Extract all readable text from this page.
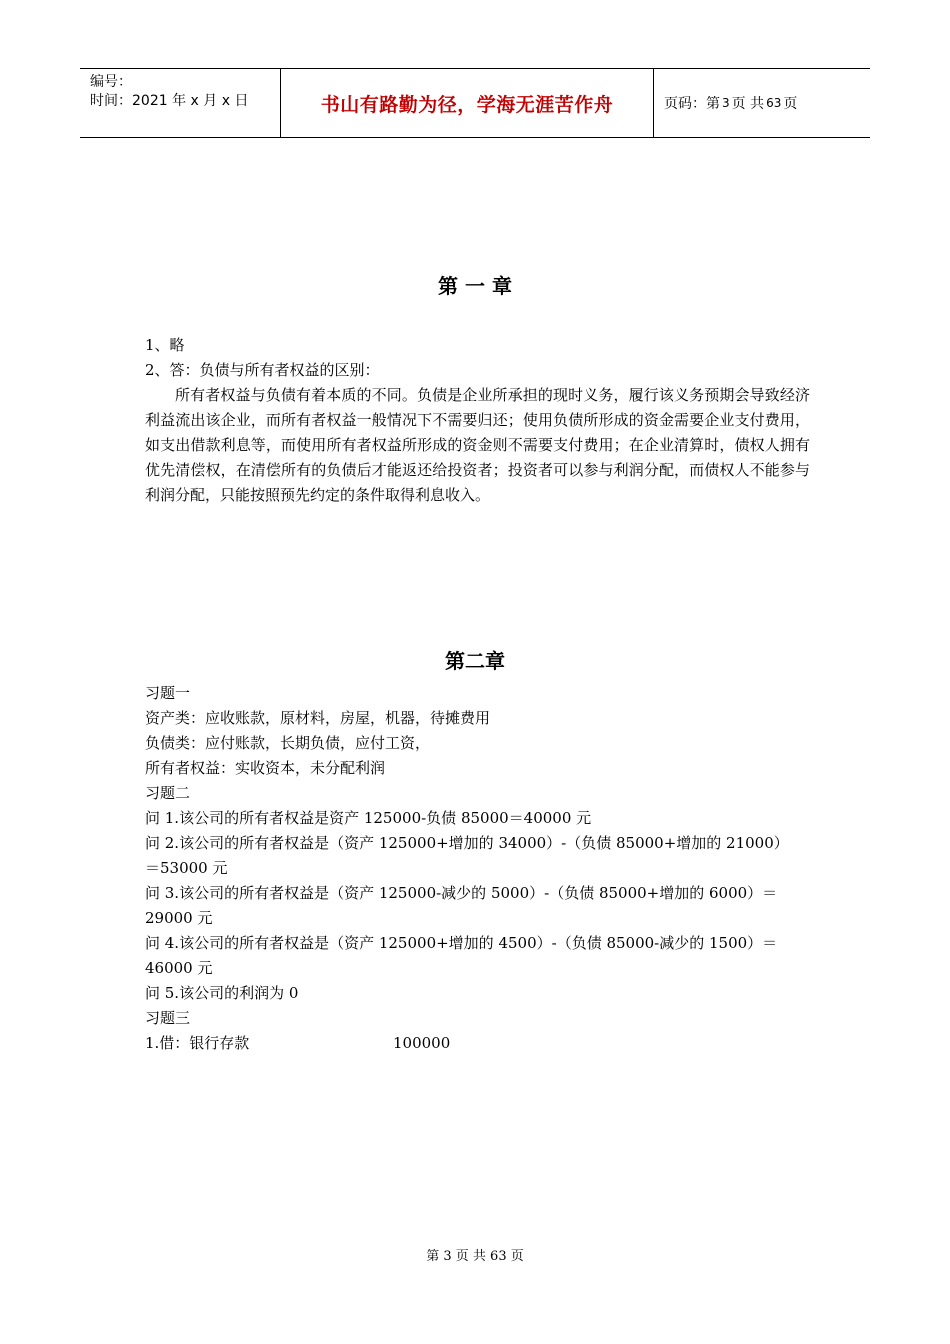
编号：
时间：2021 年 x 月 x 日	书山有路勤为径，学海无涯苦作舟	页码：第 3 页 共 63 页
第 一 章
1、略
2、答：负债与所有者权益的区别：
所有者权益与负债有着本质的不同。负债是企业所承担的现时义务，履行该义务预期会导致经济利益流出该企业，而所有者权益一般情况下不需要归还；使用负债所形成的资金需要企业支付费用，如支出借款利息等，而使用所有者权益所形成的资金则不需要支付费用；在企业清算时，债权人拥有优先清偿权，在清偿所有的负债后才能返还给投资者；投资者可以参与利润分配，而债权人不能参与利润分配，只能按照预先约定的条件取得利息收入。
第二章
习题一
资产类：应收账款，原材料，房屋，机器，待摊费用
负债类：应付账款，长期负债，应付工资，
所有者权益：实收资本，未分配利润
习题二
问 1.该公司的所有者权益是资产 125000-负债 85000＝40000 元
问 2.该公司的所有者权益是（资产 125000+增加的 34000）-（负债 85000+增加的 21000）
＝53000 元
问 3.该公司的所有者权益是（资产 125000-减少的 5000）-（负债 85000+增加的 6000）＝
29000 元
问 4.该公司的所有者权益是（资产 125000+增加的 4500）-（负债 85000-减少的 1500）＝
46000 元
问 5.该公司的利润为 0
习题三
1.借：银行存款	100000
第 3 页 共 63 页
